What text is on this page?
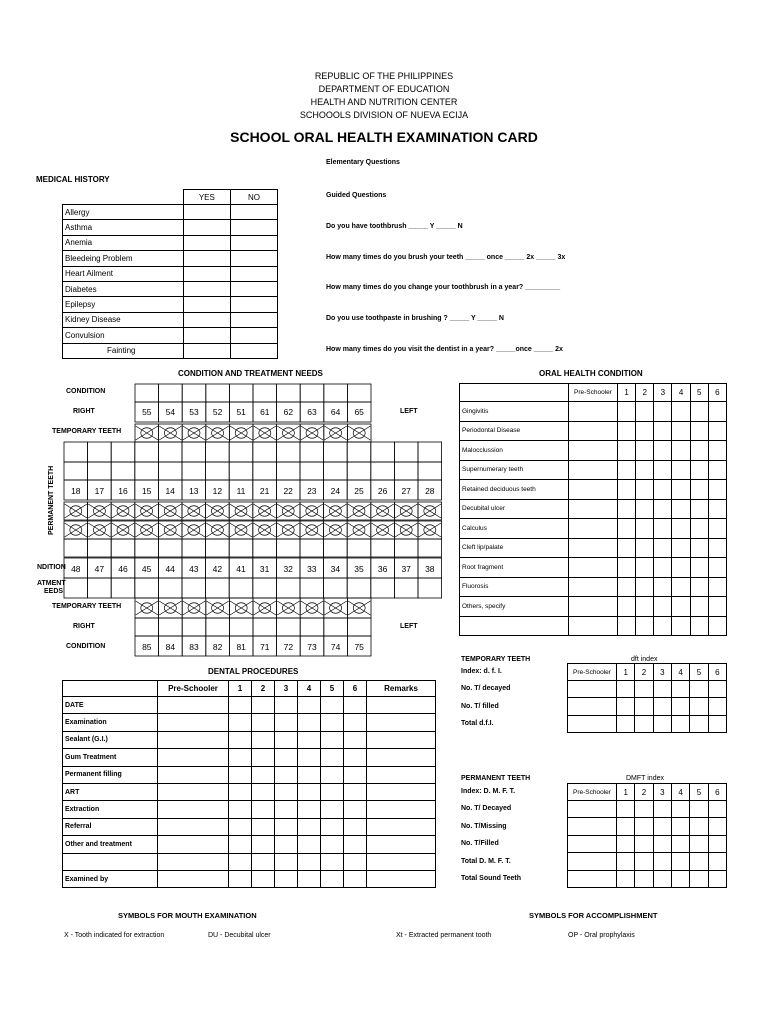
REPUBLIC OF THE PHILIPPINES
DEPARTMENT OF EDUCATION
HEALTH AND NUTRITION CENTER
SCHOOOLS DIVISION OF NUEVA ECIJA
SCHOOL ORAL HEALTH EXAMINATION CARD
Elementary Questions
Guided Questions
Do you have toothbrush _____ Y _____ N
How many times do you brush your teeth _____ once _____ 2x _____ 3x
How many times do you change your toothbrush in a year? _________
Do you use toothpaste in brushing ? _____ Y _____ N
How many times do you visit the dentist in a year? _____once _____ 2x
MEDICAL HISTORY
	YES	NO
Allergy		
Asthma		
Anemia		
Bleedeing Problem		
Heart Ailment		
Diabetes		
Epilepsy		
Kidney Disease		
Convulsion		
Fainting		
CONDITION AND TREATMENT NEEDS
CONDITION
RIGHT	LEFT
TEMPORARY TEETH
PERMANENT TEETH
NDITION
ATMENT
EEDS
TEMPORARY TEETH
RIGHT	LEFT
CONDITION
55 54 53 52 51 61 62 63 64 65
18 17 16 15 14 13 12 11 21 22 23 24 25 26 27 28
48 47 46 45 44 43 42 41 31 32 33 34 35 36 37 38
85 84 83 82 81 71 72 73 74 75
ORAL HEALTH CONDITION
	Pre-Schooler	1	2	3	4	5	6
Gingivitis							
Periodontal Disease							
Malocclussion							
Supernumerary teeth							
Retained deciduous teeth							
Decubital ulcer							
Calculus							
Cleft lip/palate							
Root fragment							
Fluorosis							
Others, specify							

DENTAL PROCEDURES
	Pre-Schooler	1	2	3	4	5	6	Remarks
DATE								
Examination								
Sealant (G.I.)								
Gum Treatment								
Permanent filling								
ART								
Extraction								
Referral								
Other and treatment								

Examined by								
TEMPORARY TEETH	dft index
Index: d. f. I.
No. T/ decayed
No. T/ filled
Total d.f.I.
Pre-Schooler	1	2	3	4	5	6

PERMANENT TEETH	DMFT index
Index: D. M. F. T.
No. T/ Decayed
No. T/Missing
No. T/Filled
Total D. M. F. T.
Total Sound Teeth
Pre-Schooler	1	2	3	4	5	6

SYMBOLS FOR MOUTH EXAMINATION	SYMBOLS FOR ACCOMPLISHMENT
X - Tooth indicated for extraction	DU - Decubital ulcer	Xt - Extracted permanent tooth	OP - Oral prophylaxis
